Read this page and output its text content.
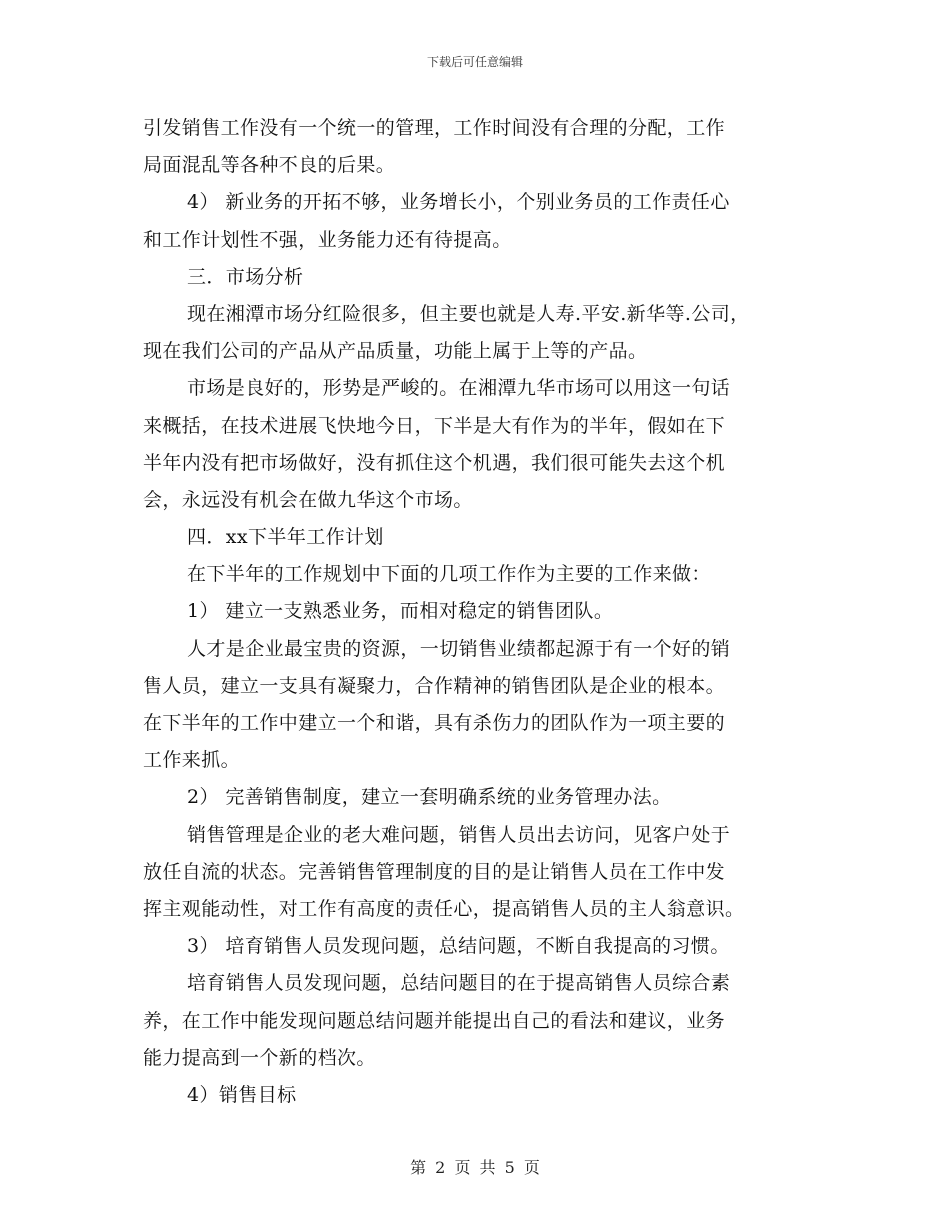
下载后可任意编辑
引发销售工作没有一个统一的管理，工作时间没有合理的分配，工作
局面混乱等各种不良的后果。
4） 新业务的开拓不够，业务增长小，个别业务员的工作责任心
和工作计划性不强，业务能力还有待提高。
三．市场分析
现在湘潭市场分红险很多，但主要也就是人寿.平安.新华等.公司，
现在我们公司的产品从产品质量，功能上属于上等的产品。
市场是良好的，形势是严峻的。在湘潭九华市场可以用这一句话
来概括，在技术进展飞快地今日，下半是大有作为的半年，假如在下
半年内没有把市场做好，没有抓住这个机遇，我们很可能失去这个机
会，永远没有机会在做九华这个市场。
四．xx下半年工作计划
在下半年的工作规划中下面的几项工作作为主要的工作来做：
1） 建立一支熟悉业务，而相对稳定的销售团队。
人才是企业最宝贵的资源，一切销售业绩都起源于有一个好的销
售人员，建立一支具有凝聚力，合作精神的销售团队是企业的根本。
在下半年的工作中建立一个和谐，具有杀伤力的团队作为一项主要的
工作来抓。
2） 完善销售制度，建立一套明确系统的业务管理办法。
销售管理是企业的老大难问题，销售人员出去访问，见客户处于
放任自流的状态。完善销售管理制度的目的是让销售人员在工作中发
挥主观能动性，对工作有高度的责任心，提高销售人员的主人翁意识。
3） 培育销售人员发现问题，总结问题，不断自我提高的习惯。
培育销售人员发现问题，总结问题目的在于提高销售人员综合素
养，在工作中能发现问题总结问题并能提出自己的看法和建议，业务
能力提高到一个新的档次。
4）销售目标
第 2 页 共 5 页
